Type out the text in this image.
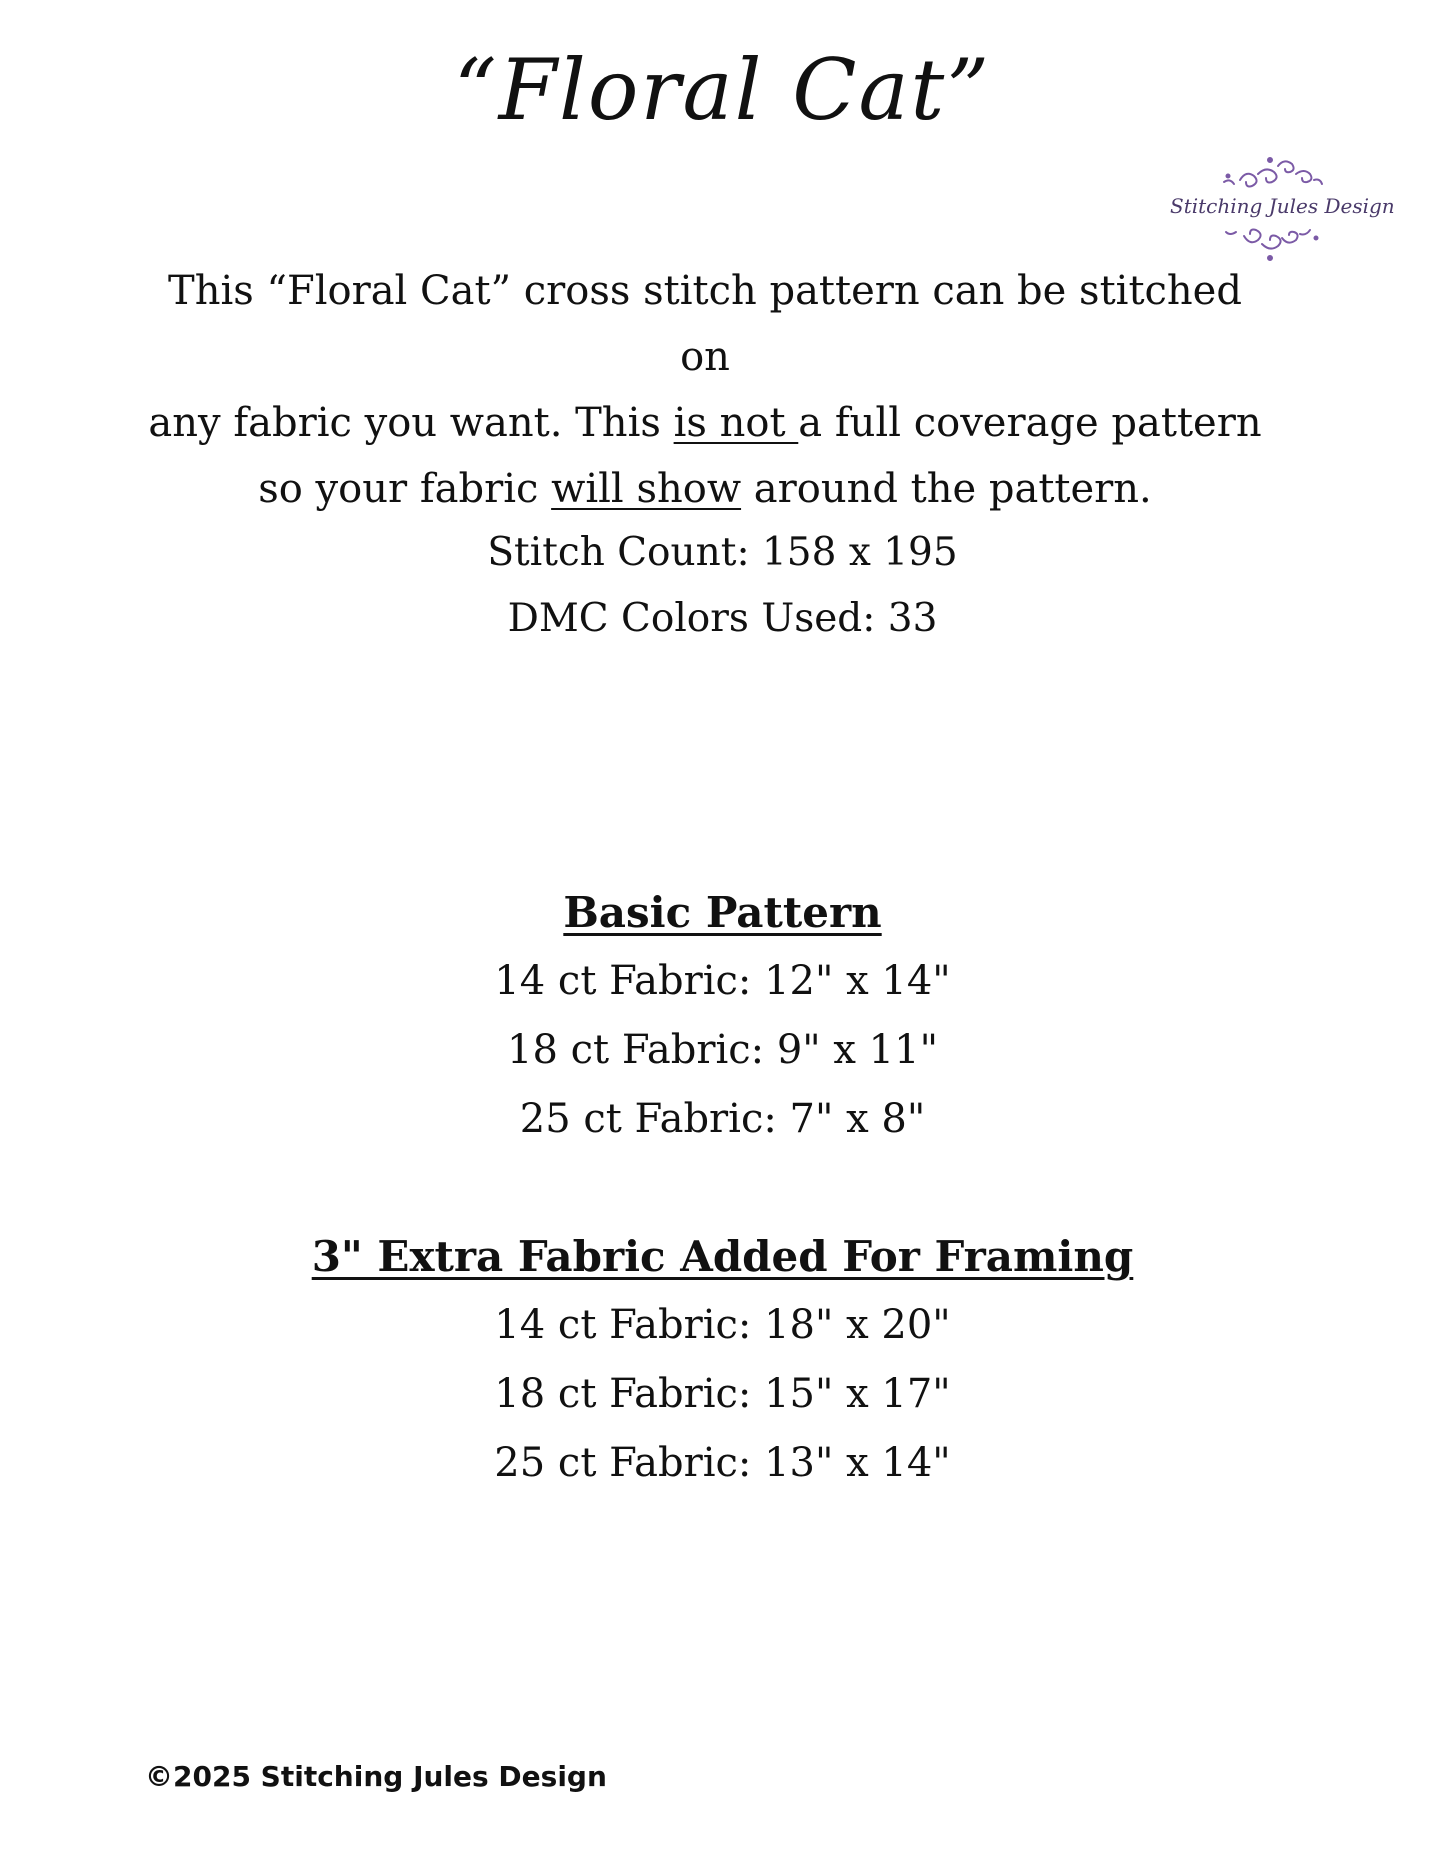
“Floral Cat”
Stitching Jules Design

This “Floral Cat” cross stitch pattern can be stitched on

any fabric you want. This is not a full coverage pattern

so your fabric will show around the pattern.

Stitch Count: 158 x 195
DMC Colors Used: 33
Basic Pattern
14 ct Fabric: 12" x 14"
18 ct Fabric: 9" x 11"
25 ct Fabric: 7" x 8"
3" Extra Fabric Added For Framing
14 ct Fabric: 18" x 20"
18 ct Fabric: 15" x 17"
25 ct Fabric: 13" x 14"
©2025 Stitching Jules Design
